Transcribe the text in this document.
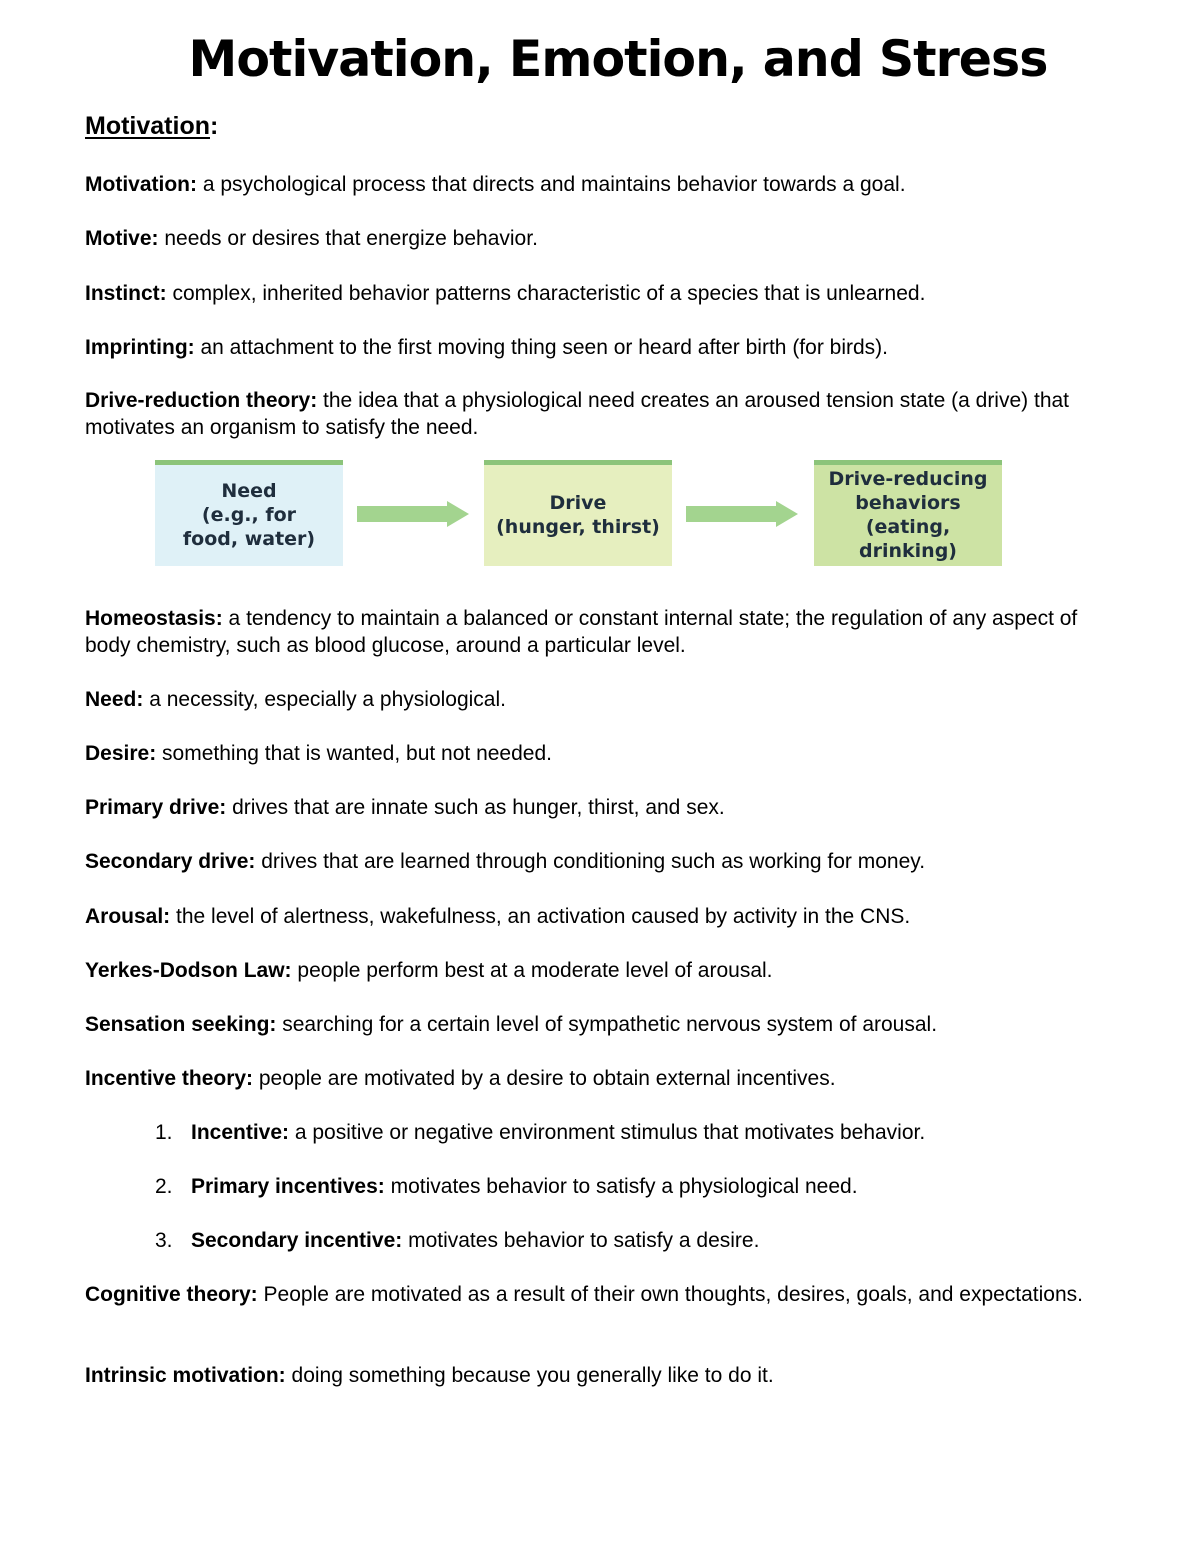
Motivation, Emotion, and Stress
Motivation:

Motivation: a psychological process that directs and maintains behavior towards a goal.

Motive: needs or desires that energize behavior.

Instinct: complex, inherited behavior patterns characteristic of a species that is unlearned.

Imprinting: an attachment to the first moving thing seen or heard after birth (for birds).

Drive-reduction theory: the idea that a physiological need creates an aroused tension state (a drive) that motivates an organism to satisfy the need.

Need
(e.g., for
food, water)
Drive
(hunger, thirst)
Drive-reducing
behaviors
(eating, drinking)

Homeostasis: a tendency to maintain a balanced or constant internal state; the regulation of any aspect of body chemistry, such as blood glucose, around a particular level.

Need: a necessity, especially a physiological.

Desire: something that is wanted, but not needed.

Primary drive: drives that are innate such as hunger, thirst, and sex.

Secondary drive: drives that are learned through conditioning such as working for money.

Arousal: the level of alertness, wakefulness, an activation caused by activity in the CNS.

Yerkes-Dodson Law: people perform best at a moderate level of arousal.

Sensation seeking: searching for a certain level of sympathetic nervous system of arousal.

Incentive theory: people are motivated by a desire to obtain external incentives.

1. Incentive: a positive or negative environment stimulus that motivates behavior.

2. Primary incentives: motivates behavior to satisfy a physiological need.

3. Secondary incentive: motivates behavior to satisfy a desire.

Cognitive theory: People are motivated as a result of their own thoughts, desires, goals, and expectations.

Intrinsic motivation: doing something because you generally like to do it.
